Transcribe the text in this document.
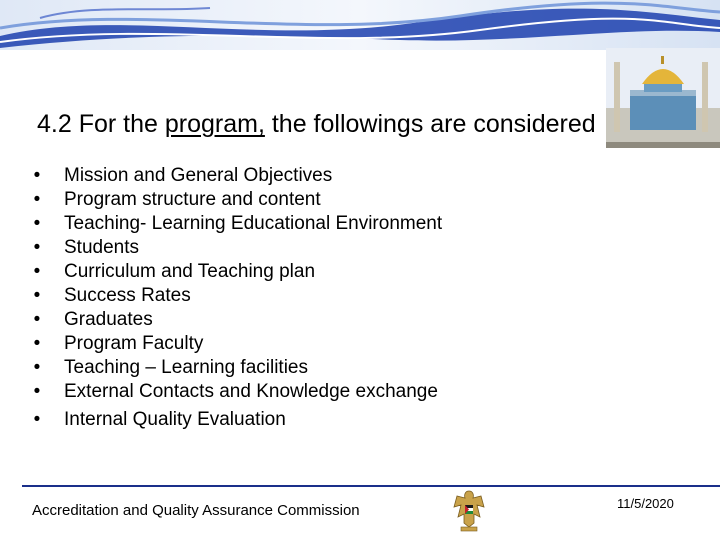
4.2 For the program, the followings are considered
• Mission and General Objectives
• Program structure and content
• Teaching- Learning Educational Environment
• Students
• Curriculum and Teaching plan
• Success Rates
• Graduates
• Program Faculty
• Teaching – Learning facilities
• External Contacts and Knowledge exchange
• Internal Quality Evaluation
Accreditation and Quality Assurance Commission	11/5/2020
